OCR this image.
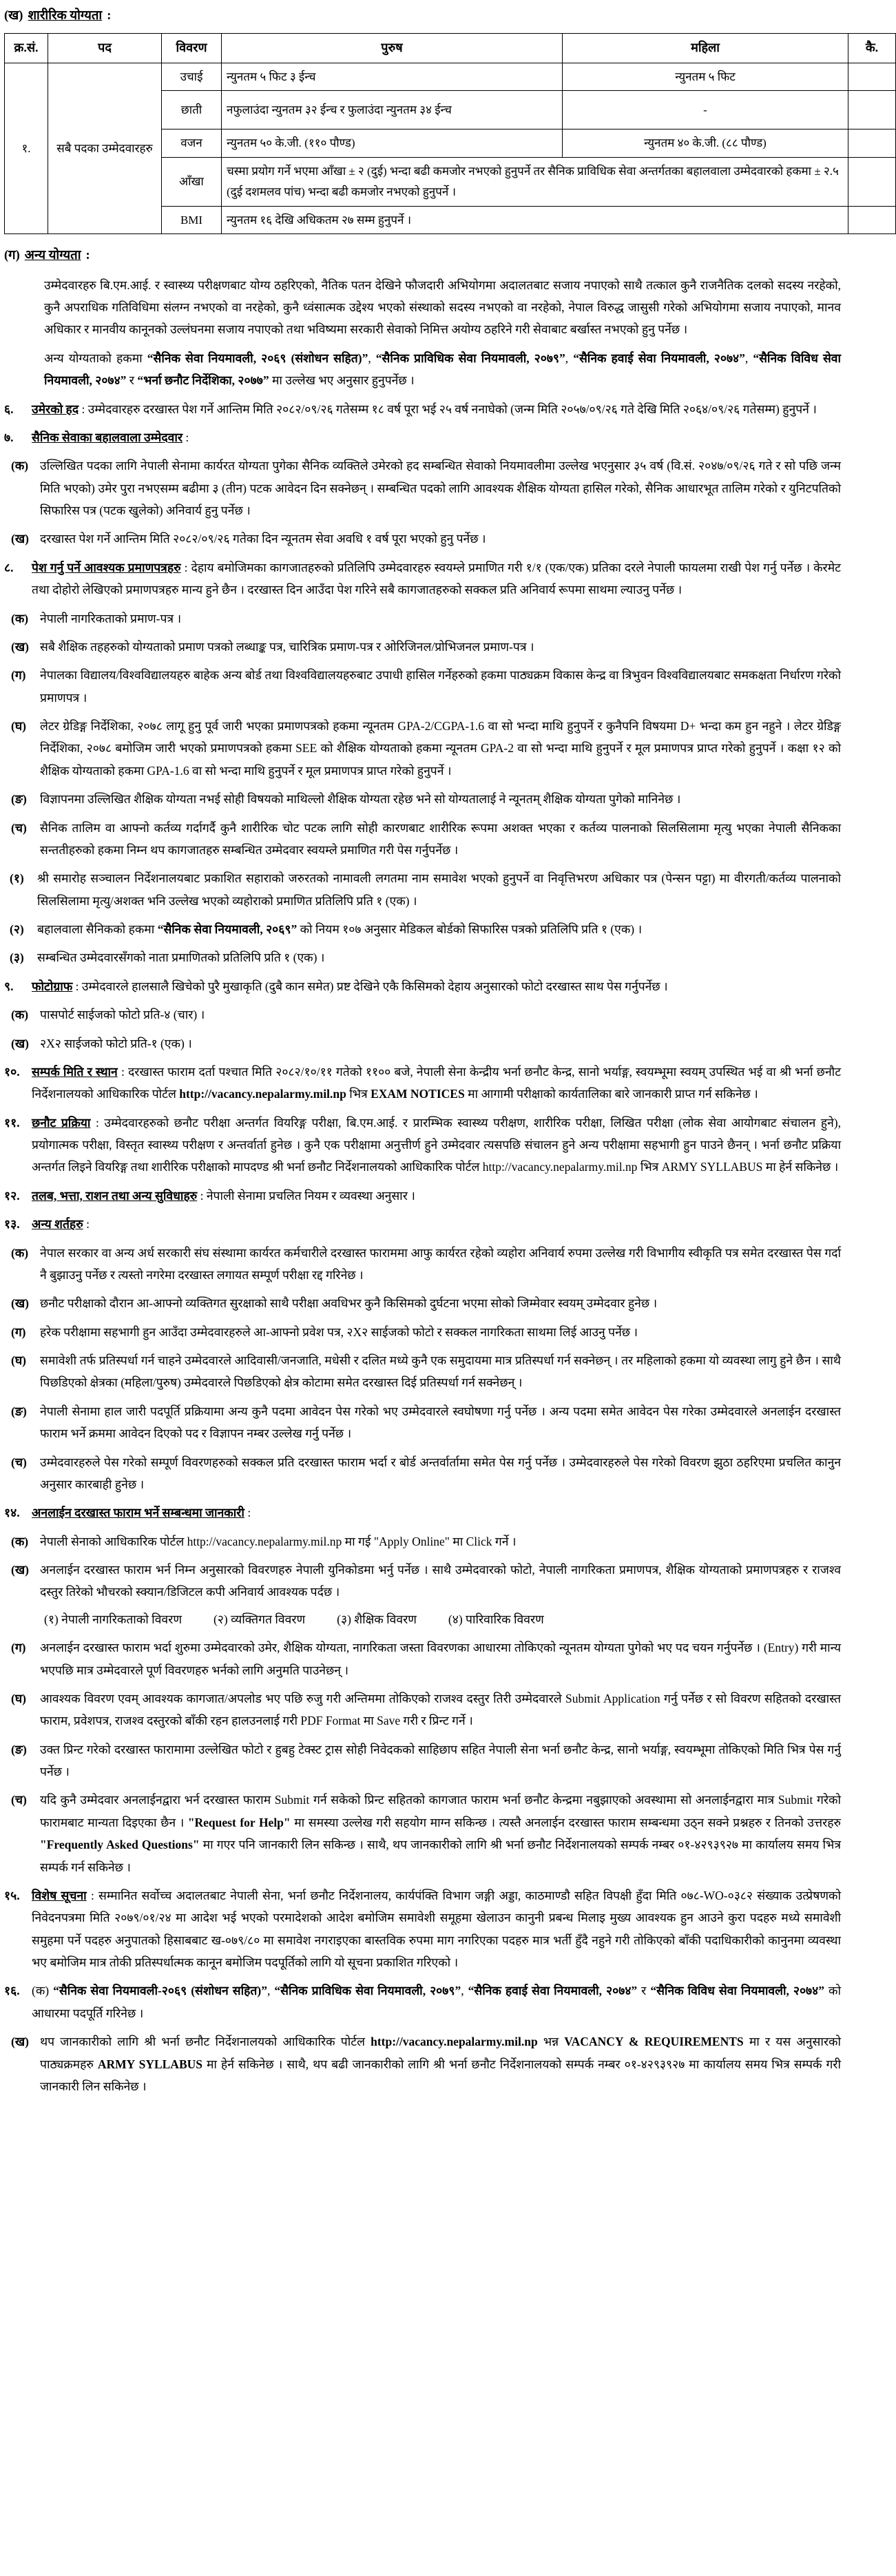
(ख) शारीरिक योग्यता :
क्र.सं.	पद	विवरण	पुरुष	महिला	कै.
१.	सबै पदका उम्मेदवारहरु	उचाई	न्युनतम ५ फिट ३ ईन्च	न्युनतम ५ फिट	
		छाती	नफुलाउंदा न्युनतम ३२ ईन्च र फुलाउंदा न्युनतम ३४ ईन्च	-	
		वजन	न्युनतम ५० के.जी. (११० पौण्ड)	न्युनतम ४० के.जी. (८८ पौण्ड)	
		आँखा	चस्मा प्रयोग गर्ने भएमा आँखा ± २ (दुई) भन्दा बढी कमजोर नभएको हुनुपर्ने तर सैनिक प्राविधिक सेवा अन्तर्गतका बहालवाला उम्मेदवारको हकमा ± २.५ (दुई दशमलव पांच) भन्दा बढी कमजोर नभएको हुनुपर्ने ।		
		BMI	न्युनतम १६ देखि अधिकतम २७ सम्म हुनुपर्ने ।		
(ग) अन्य योग्यता :
उम्मेदवारहरु बि.एम.आई. र स्वास्थ्य परीक्षणबाट योग्य ठहरिएको, नैतिक पतन देखिने फौजदारी अभियोगमा अदालतबाट सजाय नपाएको साथै तत्काल कुनै राजनैतिक दलको सदस्य नरहेको, कुनै अपराधिक गतिविधिमा संलग्न नभएको वा नरहेको, कुनै ध्वंसात्मक उद्देश्य भएको संस्थाको सदस्य नभएको वा नरहेको, नेपाल विरुद्ध जासुसी गरेको अभियोगमा सजाय नपाएको, मानव अधिकार र मानवीय कानूनको उल्लंघनमा सजाय नपाएको तथा भविष्यमा सरकारी सेवाको निमित्त अयोग्य ठहरिने गरी सेवाबाट बर्खास्त नभएको हुनु पर्नेछ ।
अन्य योग्यताको हकमा “सैनिक सेवा नियमावली, २०६९ (संशोधन सहित)”, “सैनिक प्राविधिक सेवा नियमावली, २०७९”, “सैनिक हवाई सेवा नियमावली, २०७४”, “सैनिक विविध सेवा नियमावली, २०७४” र “भर्ना छनौट निर्देशिका, २०७७” मा उल्लेख भए अनुसार हुनुपर्नेछ ।
६.	उमेरको हद : उम्मेदवारहरु दरखास्त पेश गर्ने आन्तिम मिति २०८२/०९/२६ गतेसम्म १८ वर्ष पूरा भई २५ वर्ष ननाघेको (जन्म मिति २०५७/०९/२६ गते देखि मिति २०६४/०९/२६ गतेसम्म) हुनुपर्ने ।
७.	सैनिक सेवाका बहालवाला उम्मेदवार :
(क) उल्लिखित पदका लागि नेपाली सेनामा कार्यरत योग्यता पुगेका सैनिक व्यक्तिले उमेरको हद सम्बन्धित सेवाको नियमावलीमा उल्लेख भएनुसार ३५ वर्ष (वि.सं. २०४७/०९/२६ गते र सो पछि जन्म मिति भएको) उमेर पुरा नभएसम्म बढीमा ३ (तीन) पटक आवेदन दिन सक्नेछन् । सम्बन्धित पदको लागि आवश्यक शैक्षिक योग्यता हासिल गरेको, सैनिक आधारभूत तालिम गरेको र युनिटपतिको सिफारिस पत्र (पटक खुलेको) अनिवार्य हुनु पर्नेछ ।
(ख) दरखास्त पेश गर्ने आन्तिम मिति २०८२/०९/२६ गतेका दिन न्यूनतम सेवा अवधि १ वर्ष पूरा भएको हुनु पर्नेछ ।
८.	पेश गर्नु पर्ने आवश्यक प्रमाणपत्रहरु : देहाय बमोजिमका कागजातहरुको प्रतिलिपि उम्मेदवारहरु स्वयम्ले प्रमाणित गरी १/१ (एक/एक) प्रतिका दरले नेपाली फायलमा राखी पेश गर्नु पर्नेछ । केरमेट तथा दोहोरो लेखिएको प्रमाणपत्रहरु मान्य हुने छैन । दरखास्त दिन आउँदा पेश गरिने सबै कागजातहरुको सक्कल प्रति अनिवार्य रूपमा साथमा ल्याउनु पर्नेछ ।
(क) नेपाली नागरिकताको प्रमाण-पत्र ।
(ख) सबै शैक्षिक तहहरुको योग्यताको प्रमाण पत्रको लब्धाङ्क पत्र, चारित्रिक प्रमाण-पत्र र ओरिजिनल/प्रोभिजनल प्रमाण-पत्र ।
(ग)	नेपालका विद्यालय/विश्वविद्यालयहरु बाहेक अन्य बोर्ड तथा विश्वविद्यालयहरुबाट उपाधी हासिल गर्नेहरुको हकमा पाठ्यक्रम विकास केन्द्र वा त्रिभुवन विश्वविद्यालयबाट समकक्षता निर्धारण गरेको प्रमाणपत्र ।
(घ)	लेटर ग्रेडिङ्ग निर्देशिका, २०७८ लागू हुनु पूर्व जारी भएका प्रमाणपत्रको हकमा न्यूनतम GPA-2/CGPA-1.6 वा सो भन्दा माथि हुनुपर्ने र कुनैपनि विषयमा D+ भन्दा कम हुन नहुने । लेटर ग्रेडिङ्ग निर्देशिका, २०७८ बमोजिम जारी भएको प्रमाणपत्रको हकमा SEE को शैक्षिक योग्यताको हकमा न्यूनतम GPA-2 वा सो भन्दा माथि हुनुपर्ने र मूल प्रमाणपत्र प्राप्त गरेको हुनुपर्ने । कक्षा १२ को शैक्षिक योग्यताको हकमा GPA-1.6 वा सो भन्दा माथि हुनुपर्ने र मूल प्रमाणपत्र प्राप्त गरेको हुनुपर्ने ।
(ङ)	विज्ञापनमा उल्लिखित शैक्षिक योग्यता नभई सोही विषयको माथिल्लो शैक्षिक योग्यता रहेछ भने सो योग्यतालाई ने न्यूनतम् शैक्षिक योग्यता पुगेको मानिनेछ ।
(च)	सैनिक तालिम वा आफ्नो कर्तव्य गर्दागर्दै कुनै शारीरिक चोट पटक लागि सोही कारणबाट शारीरिक रूपमा अशक्त भएका र कर्तव्य पालनाको सिलसिलामा मृत्यु भएका नेपाली सैनिकका सन्ततीहरुको हकमा निम्न थप कागजातहरु सम्बन्धित उम्मेदवार स्वयम्ले प्रमाणित गरी पेस गर्नुपर्नेछ ।
(१)	श्री समारोह सञ्चालन निर्देशनालयबाट प्रकाशित सहाराको जरुरतको नामावली लगतमा नाम समावेश भएको हुनुपर्ने वा निवृत्तिभरण अधिकार पत्र (पेन्सन पट्टा) मा वीरगती/कर्तव्य पालनाको सिलसिलामा मृत्यु/अशक्त भनि उल्लेख भएको व्यहोराको प्रमाणित प्रतिलिपि प्रति १ (एक) ।
(२)	बहालवाला सैनिकको हकमा “सैनिक सेवा नियमावली, २०६९” को नियम १०७ अनुसार मेडिकल बोर्डको सिफारिस पत्रको प्रतिलिपि प्रति १ (एक) ।
(३)	सम्बन्धित उम्मेदवारसँगको नाता प्रमाणितको प्रतिलिपि प्रति १ (एक) ।
९.	फोटोग्राफ : उम्मेदवारले हालसालै खिचेको पुरै मुखाकृति (दुबै कान समेत) प्रष्ट देखिने एकै किसिमको देहाय अनुसारको फोटो दरखास्त साथ पेस गर्नुपर्नेछ ।
(क) पासपोर्ट साईजको फोटो प्रति-४ (चार) ।
(ख) २X२ साईजको फोटो प्रति-१ (एक) ।
१०. सम्पर्क मिति र स्थान : दरखास्त फाराम दर्ता पश्चात मिति २०८२/१०/११ गतेको ११०० बजे, नेपाली सेना केन्द्रीय भर्ना छनौट केन्द्र, सानो भर्याङ्ग, स्वयम्भूमा स्वयम् उपस्थित भई वा श्री भर्ना छनौट निर्देशनालयको आधिकारिक पोर्टल http://vacancy.nepalarmy.mil.np भित्र EXAM NOTICES मा आगामी परीक्षाको कार्यतालिका बारे जानकारी प्राप्त गर्न सकिनेछ ।
११. छनौट प्रक्रिया : उम्मेदवारहरुको छनौट परीक्षा अन्तर्गत वियरिङ्ग परीक्षा, बि.एम.आई. र प्रारम्भिक स्वास्थ्य परीक्षण, शारीरिक परीक्षा, लिखित परीक्षा (लोक सेवा आयोगबाट संचालन हुने), प्रयोगात्मक परीक्षा, विस्तृत स्वास्थ्य परीक्षण र अन्तर्वार्ता हुनेछ । कुनै एक परीक्षामा अनुत्तीर्ण हुने उम्मेदवार त्यसपछि संचालन हुने अन्य परीक्षामा सहभागी हुन पाउने छैनन् । भर्ना छनौट प्रक्रिया अन्तर्गत लिइने वियरिङ्ग तथा शारीरिक परीक्षाको मापदण्ड श्री भर्ना छनौट निर्देशनालयको आधिकारिक पोर्टल http://vacancy.nepalarmy.mil.np भित्र ARMY SYLLABUS मा हेर्न सकिनेछ ।
१२. तलब, भत्ता, राशन तथा अन्य सुविधाहरु : नेपाली सेनामा प्रचलित नियम र व्यवस्था अनुसार ।
१३. अन्य शर्तहरु :
(क) नेपाल सरकार वा अन्य अर्ध सरकारी संघ संस्थामा कार्यरत कर्मचारीले दरखास्त फाराममा आफु कार्यरत रहेको व्यहोरा अनिवार्य रुपमा उल्लेख गरी विभागीय स्वीकृति पत्र समेत दरखास्त पेस गर्दा नै बुझाउनु पर्नेछ र त्यस्तो नगरेमा दरखास्त लगायत सम्पूर्ण परीक्षा रद्द गरिनेछ ।
(ख) छनौट परीक्षाको दौरान आ-आफ्नो व्यक्तिगत सुरक्षाको साथै परीक्षा अवधिभर कुनै किसिमको दुर्घटना भएमा सोको जिम्मेवार स्वयम् उम्मेदवार हुनेछ ।
(ग)	हरेक परीक्षामा सहभागी हुन आउँदा उम्मेदवारहरुले आ-आफ्नो प्रवेश पत्र, २X२ साईजको फोटो र सक्कल नागरिकता साथमा लिई आउनु पर्नेछ ।
(घ)	समावेशी तर्फ प्रतिस्पर्धा गर्न चाहने उम्मेदवारले आदिवासी/जनजाति, मधेसी र दलित मध्ये कुनै एक समुदायमा मात्र प्रतिस्पर्धा गर्न सक्नेछन् । तर महिलाको हकमा यो व्यवस्था लागु हुने छैन । साथै पिछडिएको क्षेत्रका (महिला/पुरुष) उम्मेदवारले पिछडिएको क्षेत्र कोटामा समेत दरखास्त दिई प्रतिस्पर्धा गर्न सक्नेछन् ।
(ङ)	नेपाली सेनामा हाल जारी पदपूर्ति प्रक्रियामा अन्य कुनै पदमा आवेदन पेस गरेको भए उम्मेदवारले स्वघोषणा गर्नु पर्नेछ । अन्य पदमा समेत आवेदन पेस गरेका उम्मेदवारले अनलाईन दरखास्त फाराम भर्ने क्रममा आवेदन दिएको पद र विज्ञापन नम्बर उल्लेख गर्नु पर्नेछ ।
(च)	उम्मेदवारहरुले पेस गरेको सम्पूर्ण विवरणहरुको सक्कल प्रति दरखास्त फाराम भर्दा र बोर्ड अन्तर्वार्तामा समेत पेस गर्नु पर्नेछ । उम्मेदवारहरुले पेस गरेको विवरण झुठा ठहरिएमा प्रचलित कानुन अनुसार कारबाही हुनेछ ।
१४. अनलाईन दरखास्त फाराम भर्ने सम्बन्धमा जानकारी :
(क) नेपाली सेनाको आधिकारिक पोर्टल http://vacancy.nepalarmy.mil.np मा गई "Apply Online" मा Click गर्ने ।
(ख) अनलाईन दरखास्त फाराम भर्न निम्न अनुसारको विवरणहरु नेपाली युनिकोडमा भर्नु पर्नेछ । साथै उम्मेदवारको फोटो, नेपाली नागरिकता प्रमाणपत्र, शैक्षिक योग्यताको प्रमाणपत्रहरु र राजश्व दस्तुर तिरेको भौचरको स्क्यान/डिजिटल कपी अनिवार्य आवश्यक पर्दछ ।
(१) नेपाली नागरिकताको विवरण	(२) व्यक्तिगत विवरण	(३) शैक्षिक विवरण	(४) पारिवारिक विवरण
(ग)	अनलाईन दरखास्त फाराम भर्दा शुरुमा उम्मेदवारको उमेर, शैक्षिक योग्यता, नागरिकता जस्ता विवरणका आधारमा तोकिएको न्यूनतम योग्यता पुगेको भए पद चयन गर्नुपर्नेछ । (Entry) गरी मान्य भएपछि मात्र उम्मेदवारले पूर्ण विवरणहरु भर्नको लागि अनुमति पाउनेछन् ।
(घ)	आवश्यक विवरण एवम् आवश्यक कागजात/अपलोड भए पछि रुजु गरी अन्तिममा तोकिएको राजश्व दस्तुर तिरी उम्मेदवारले Submit Application गर्नु पर्नेछ र सो विवरण सहितको दरखास्त फाराम, प्रवेशपत्र, राजश्व दस्तुरको बाँकी रहन हालउनलाई गरी PDF Format मा Save गरी र प्रिन्ट गर्ने ।
(ङ)	उक्त प्रिन्ट गरेको दरखास्त फारामामा उल्लेखित फोटो र हुबहु टेक्स्ट ट्रास सोही निवेदकको साहिछाप सहित नेपाली सेना भर्ना छनौट केन्द्र, सानो भर्याङ्ग, स्वयम्भूमा तोकिएको मिति भित्र पेस गर्नु पर्नेछ ।
(च)	यदि कुनै उम्मेदवार अनलाईनद्वारा भर्न दरखास्त फाराम Submit गर्न सकेको प्रिन्ट सहितको कागजात फाराम भर्ना छनौट केन्द्रमा नबुझाएको अवस्थामा सो अनलाईनद्वारा मात्र Submit गरेको फारामबाट मान्यता दिइएका छैन । "Request for Help" मा समस्या उल्लेख गरी सहयोग माग्न सकिन्छ । त्यस्तै अनलाईन दरखास्त फाराम सम्बन्धमा उठ्न सक्ने प्रश्नहरु र तिनको उत्तरहरु "Frequently Asked Questions" मा गएर पनि जानकारी लिन सकिन्छ । साथै, थप जानकारीको लागि श्री भर्ना छनौट निर्देशनालयको सम्पर्क नम्बर ०१-४२९३९२७ मा कार्यालय समय भित्र सम्पर्क गर्न सकिनेछ ।
१५. विशेष सूचना : सम्मानित सर्वोच्च अदालतबाट नेपाली सेना, भर्ना छनौट निर्देशनालय, कार्यपंक्ति विभाग जङ्गी अड्डा, काठमाण्डौ सहित विपक्षी हुँदा मिति ०७८-WO-०३८२ संख्याक उत्प्रेषणको निवेदनपत्रमा मिति २०७९/०१/२४ मा आदेश भई भएको परमादेशको आदेश बमोजिम समावेशी समूहमा खेलाउन कानुनी प्रबन्ध मिलाइ मुख्य आवश्यक हुन आउने कुरा पदहरु मध्ये समावेशी समुहमा पर्ने पदहरु अनुपातको हिसाबबाट ख-०७९/८० मा समावेश नगराइएका बास्तविक रुपमा माग नगरिएका पदहरु मात्र भर्ती हुँदै नहुने गरी तोकिएको बाँकी पदाधिकारीको कानुनमा व्यवस्था भए बमोजिम मात्र तोकी प्रतिस्पर्धात्मक कानून बमोजिम पदपूर्तिको लागि यो सूचना प्रकाशित गरिएको ।
१६. (क) “सैनिक सेवा नियमावली-२०६९ (संशोधन सहित)”, “सैनिक प्राविधिक सेवा नियमावली, २०७९”, “सैनिक हवाई सेवा नियमावली, २०७४” र “सैनिक विविध सेवा नियमावली, २०७४” को आधारमा पदपूर्ति गरिनेछ ।
(ख) थप जानकारीको लागि श्री भर्ना छनौट निर्देशनालयको आधिकारिक पोर्टल http://vacancy.nepalarmy.mil.np भन्न VACANCY & REQUIREMENTS मा र यस अनुसारको पाठ्यक्रमहरु ARMY SYLLABUS मा हेर्न सकिनेछ । साथै, थप बढी जानकारीको लागि श्री भर्ना छनौट निर्देशनालयको सम्पर्क नम्बर ०१-४२९३९२७ मा कार्यालय समय भित्र सम्पर्क गरी जानकारी लिन सकिनेछ ।
